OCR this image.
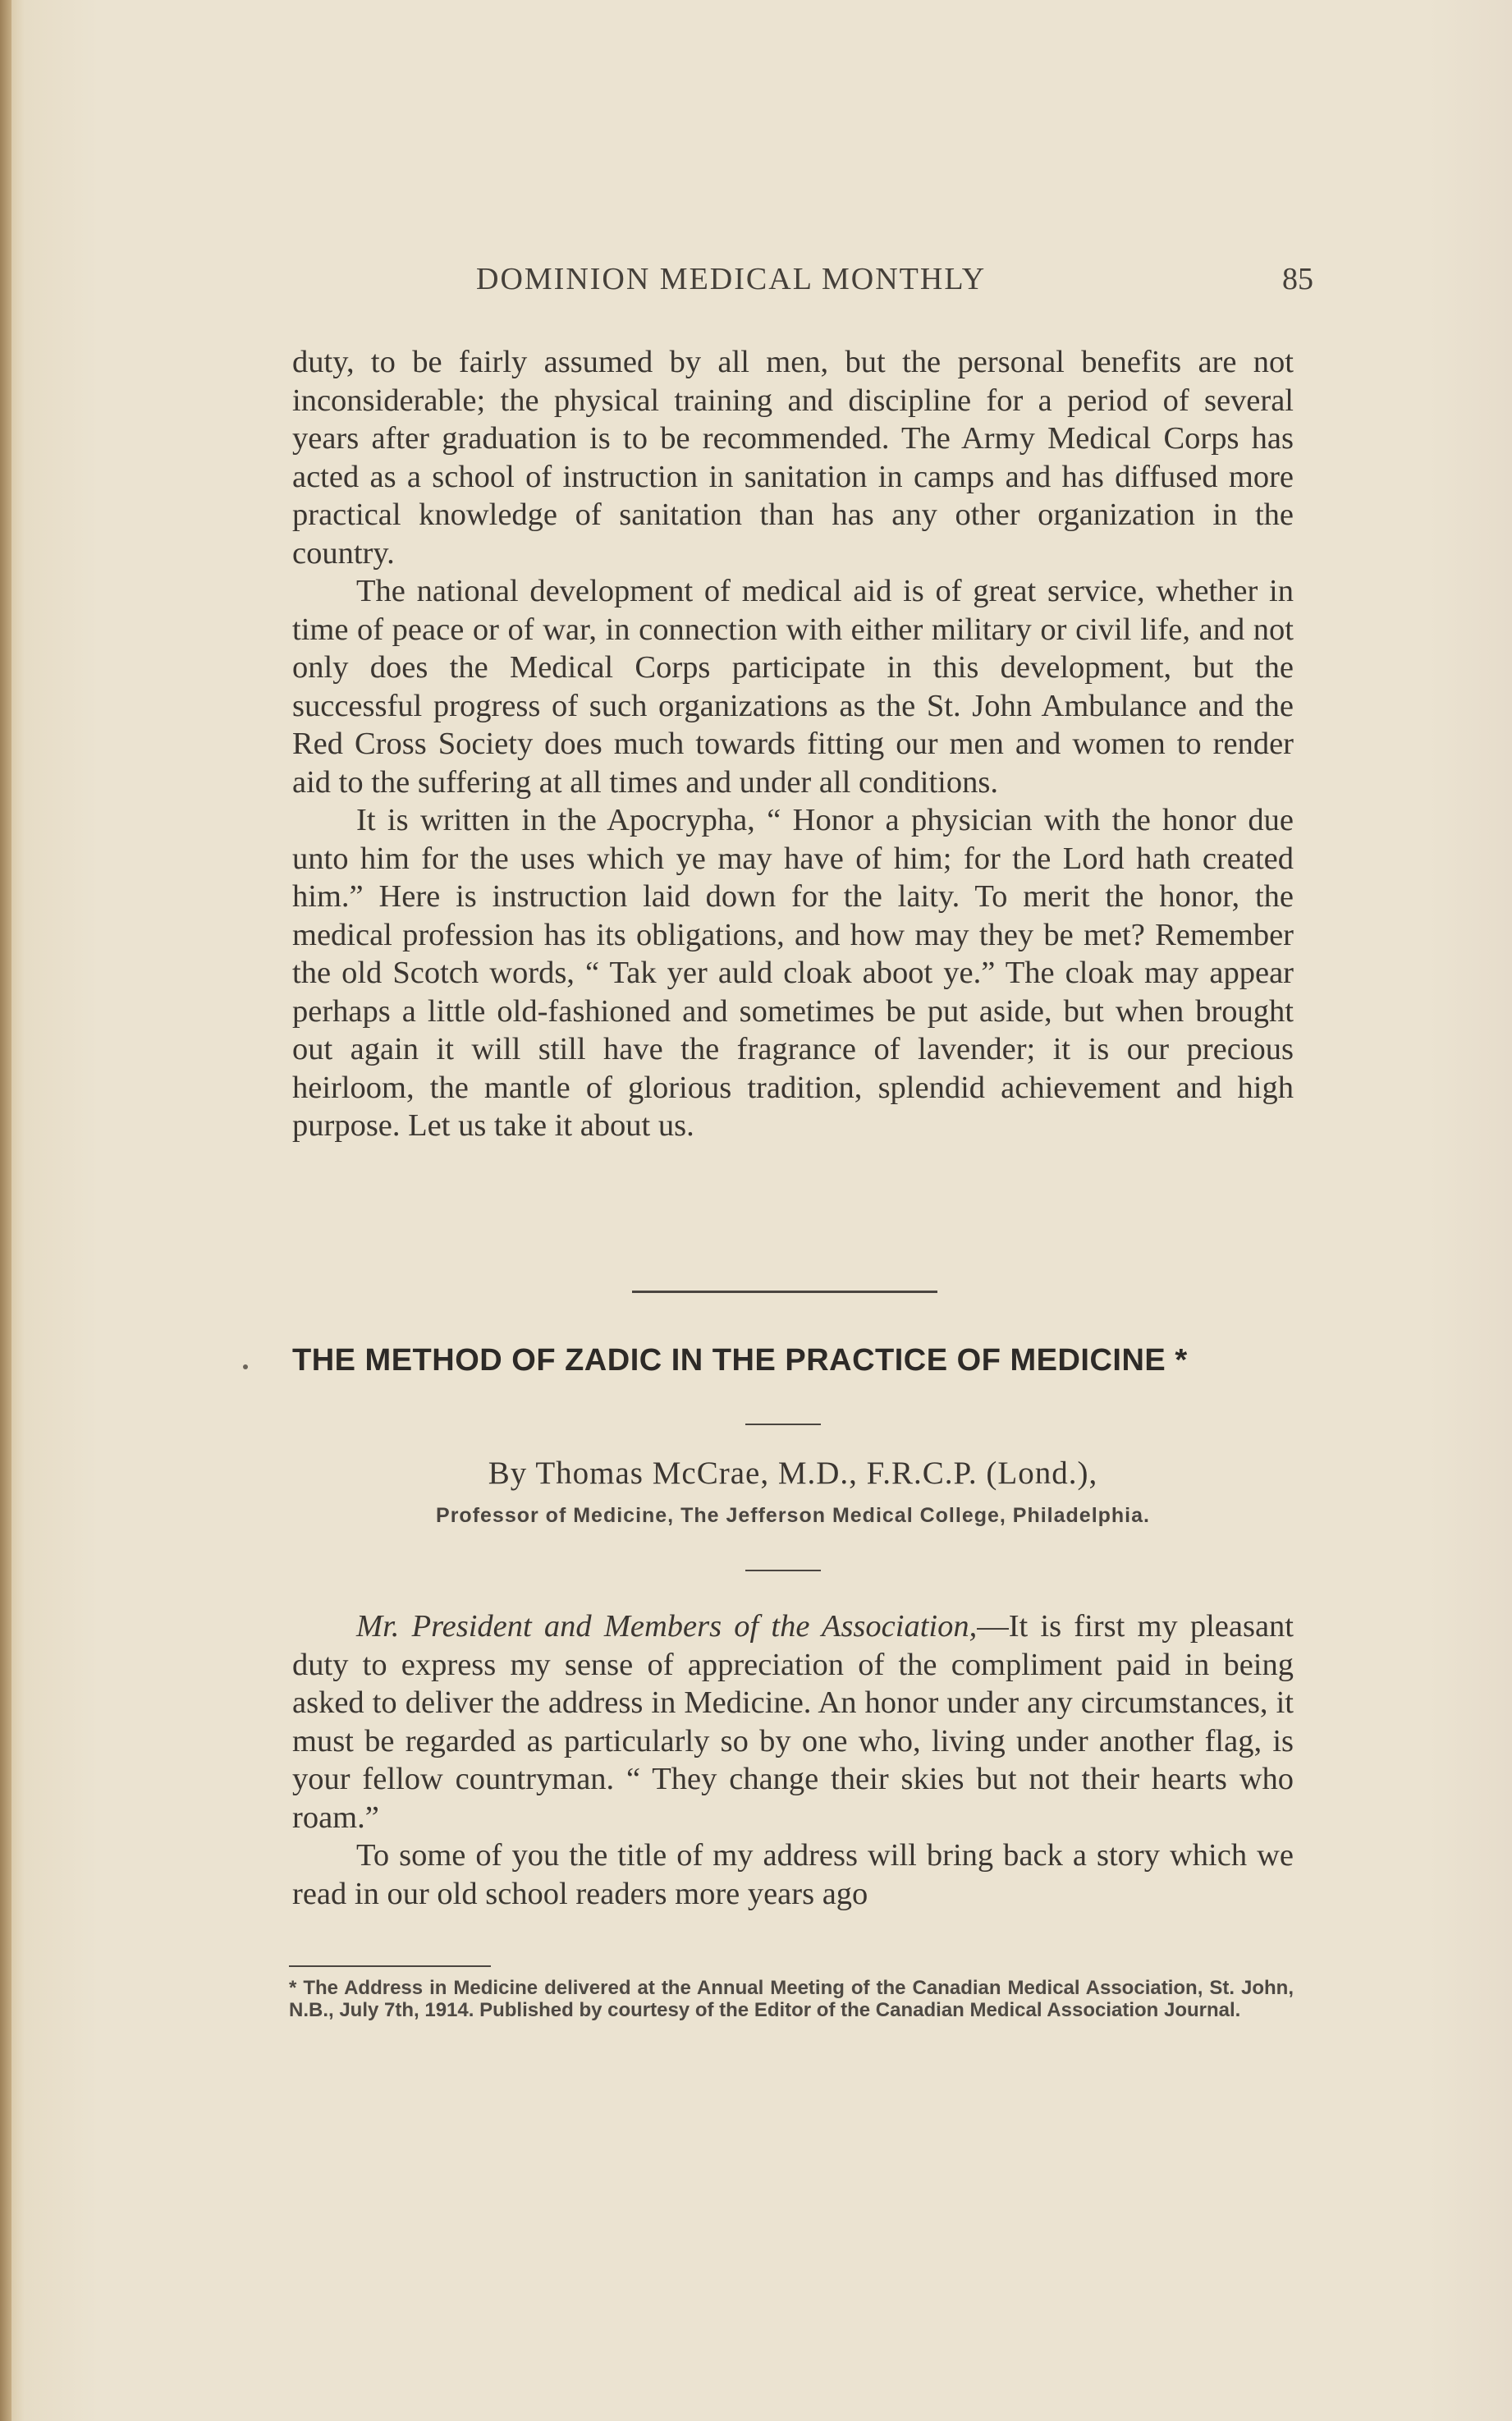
DOMINION MEDICAL MONTHLY	85

duty, to be fairly assumed by all men, but the personal benefits are not inconsiderable; the physical training and discipline for a period of several years after graduation is to be recommended. The Army Medical Corps has acted as a school of instruction in sanitation in camps and has diffused more practical knowledge of sanitation than has any other organization in the country.

The national development of medical aid is of great service, whether in time of peace or of war, in connection with either military or civil life, and not only does the Medical Corps participate in this development, but the successful progress of such organizations as the St. John Ambulance and the Red Cross Society does much towards fitting our men and women to render aid to the suffering at all times and under all conditions.

It is written in the Apocrypha, “ Honor a physician with the honor due unto him for the uses which ye may have of him; for the Lord hath created him.” Here is instruction laid down for the laity. To merit the honor, the medical profession has its obligations, and how may they be met? Remember the old Scotch words, “ Tak yer auld cloak aboot ye.” The cloak may appear perhaps a little old-fashioned and sometimes be put aside, but when brought out again it will still have the fragrance of lavender; it is our precious heirloom, the mantle of glorious tradition, splendid achievement and high purpose. Let us take it about us.

THE METHOD OF ZADIC IN THE PRACTICE OF MEDICINE *
By Thomas McCrae, M.D., F.R.C.P. (Lond.),
Professor of Medicine, The Jefferson Medical College, Philadelphia.

Mr. President and Members of the Association,—It is first my pleasant duty to express my sense of appreciation of the compliment paid in being asked to deliver the address in Medicine. An honor under any circumstances, it must be regarded as particularly so by one who, living under another flag, is your fellow countryman. “ They change their skies but not their hearts who roam.”

To some of you the title of my address will bring back a story which we read in our old school readers more years ago

* The Address in Medicine delivered at the Annual Meeting of the Canadian Medical Association, St. John, N.B., July 7th, 1914. Published by courtesy of the Editor of the Canadian Medical Association Journal.
